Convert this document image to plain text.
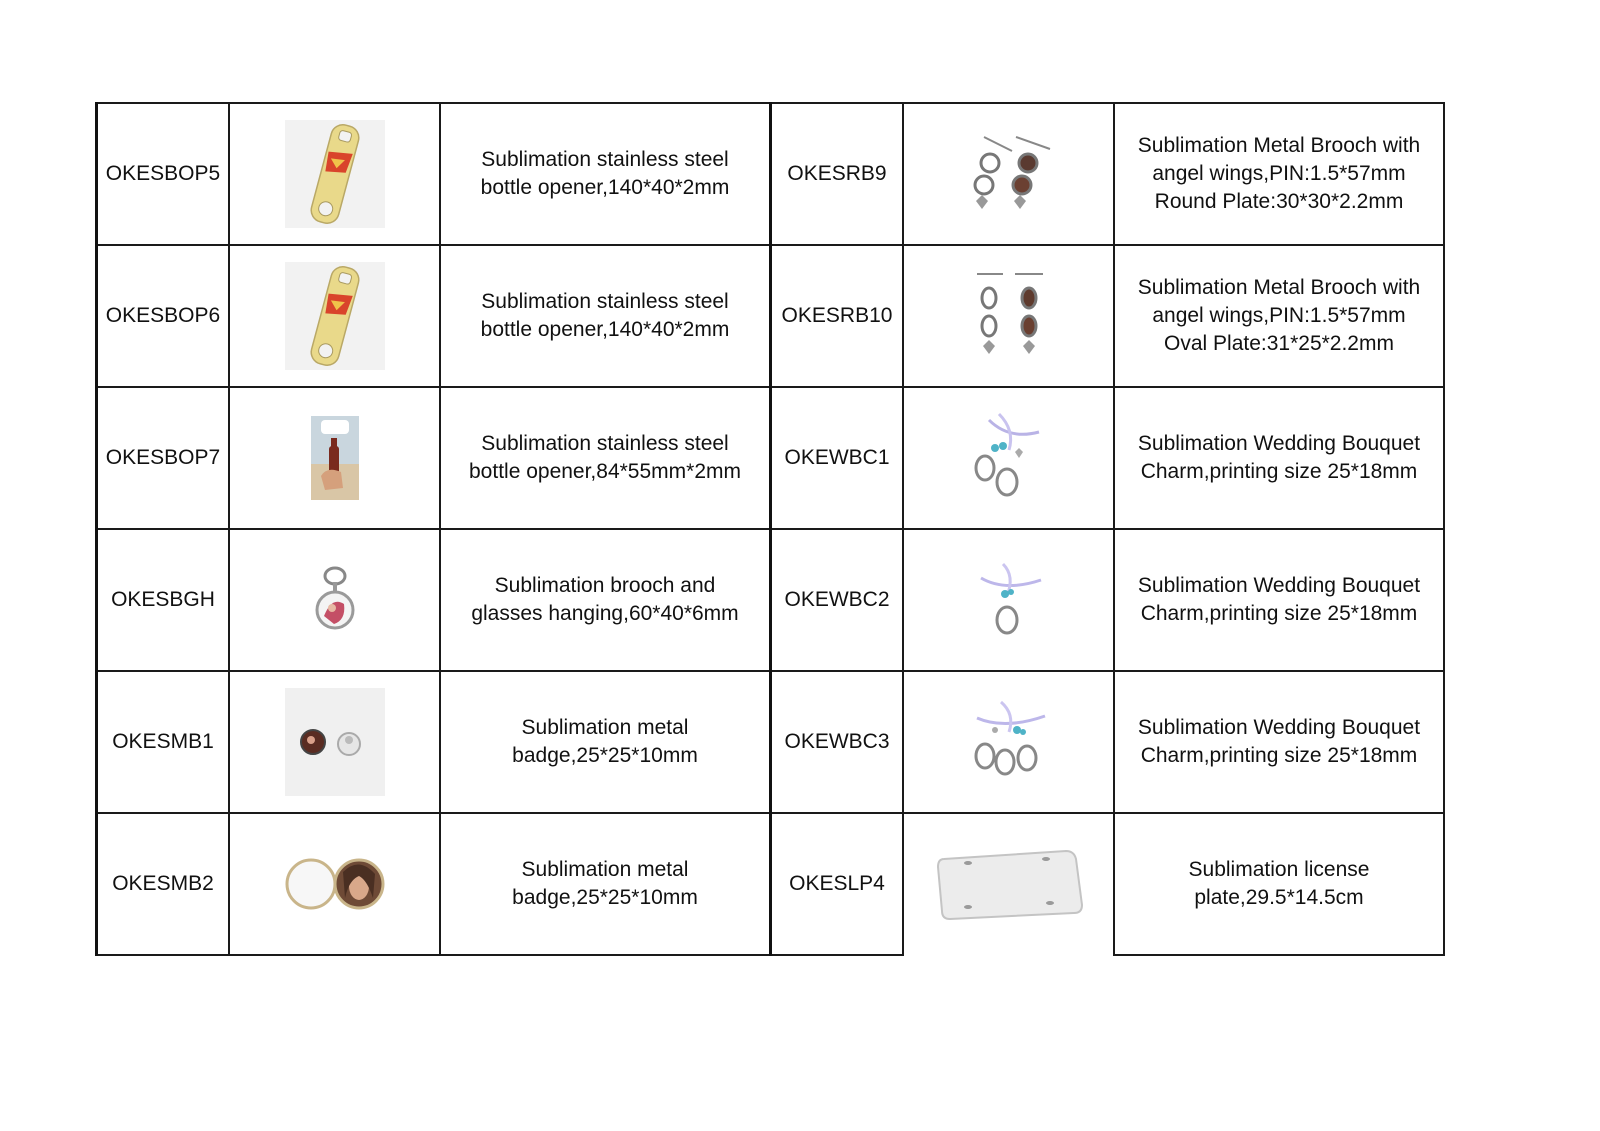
OKESBOP5		Sublimation stainless steel
bottle opener,140*40*2mm	OKESRB9		Sublimation Metal Brooch with
angel wings,PIN:1.5*57mm
Round Plate:30*30*2.2mm

OKESBOP6		Sublimation stainless steel
bottle opener,140*40*2mm	OKESRB10		Sublimation Metal Brooch with
angel wings,PIN:1.5*57mm
Oval Plate:31*25*2.2mm

OKESBOP7		Sublimation stainless steel
bottle opener,84*55mm*2mm	OKEWBC1		Sublimation Wedding Bouquet
Charm,printing size 25*18mm

OKESBGH		Sublimation brooch and
glasses hanging,60*40*6mm	OKEWBC2		Sublimation Wedding Bouquet
Charm,printing size 25*18mm

OKESMB1		Sublimation metal
badge,25*25*10mm	OKEWBC3		Sublimation Wedding Bouquet
Charm,printing size 25*18mm

OKESMB2		Sublimation metal
badge,25*25*10mm	OKESLP4		Sublimation license
plate,29.5*14.5cm
